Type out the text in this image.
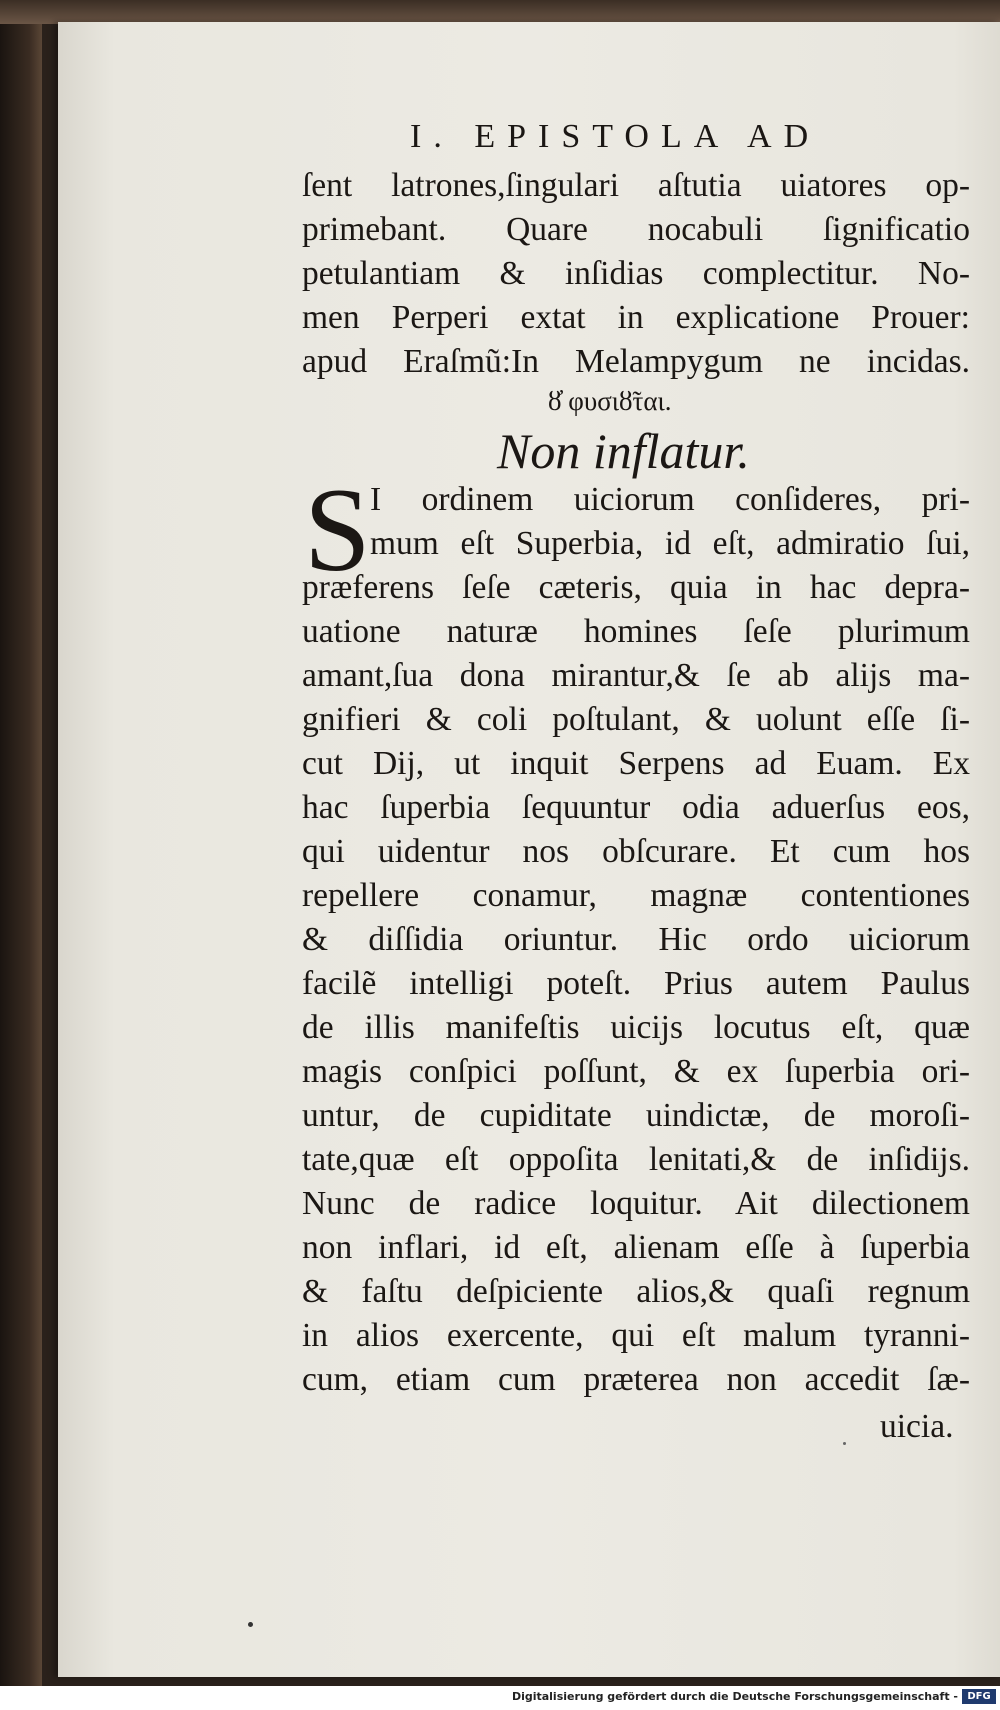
I. EPISTOLA AD
ſent latrones,ſingulari aſtutia uiatores op-
primebant. Quare nocabuli ſignificatio
petulantiam & inſidias complectitur. No-
men Perperi extat in explicatione Prouer:
apud Eraſmũ:In Melampygum ne incidas.
ȣ̓ φυσιȣ̃ται.
Non inflatur.
S I ordinem uiciorum conſideres, pri-
mum eſt Superbia, id eſt, admiratio ſui,
præferens ſeſe cæteris, quia in hac depra-
uatione naturæ homines ſeſe plurimum
amant,ſua dona mirantur,& ſe ab alijs ma-
gnifieri & coli poſtulant, & uolunt eſſe ſi-
cut Dij, ut inquit Serpens ad Euam. Ex
hac ſuperbia ſequuntur odia aduerſus eos,
qui uidentur nos obſcurare. Et cum hos
repellere conamur, magnæ contentiones
& diſſidia oriuntur. Hic ordo uiciorum
facilẽ intelligi poteſt. Prius autem Paulus
de illis manifeſtis uicijs locutus eſt, quæ
magis conſpici poſſunt, & ex ſuperbia ori-
untur, de cupiditate uindictæ, de moroſi-
tate,quæ eſt oppoſita lenitati,& de inſidijs.
Nunc de radice loquitur. Ait dilectionem
non inflari, id eſt, alienam eſſe à ſuperbia
& faſtu deſpiciente alios,& quaſi regnum
in alios exercente, qui eſt malum tyranni-
cum, etiam cum præterea non accedit ſæ-
uicia.
Digitalisierung gefördert durch die Deutsche Forschungsgemeinschaft - DFG
